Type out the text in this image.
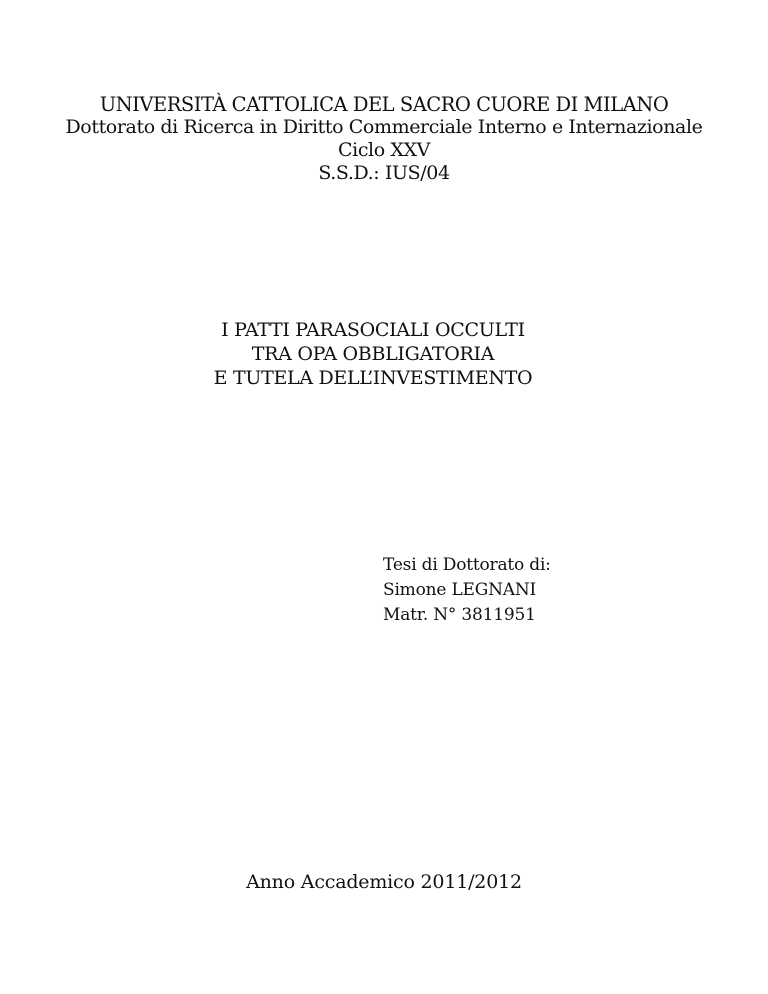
UNIVERSITÀ CATTOLICA DEL SACRO CUORE DI MILANO
Dottorato di Ricerca in Diritto Commerciale Interno e Internazionale
Ciclo XXV
S.S.D.: IUS/04
I PATTI PARASOCIALI OCCULTI
TRA OPA OBBLIGATORIA
E TUTELA DELL’INVESTIMENTO
Tesi di Dottorato di:
Simone LEGNANI
Matr. N° 3811951
Anno Accademico 2011/2012
